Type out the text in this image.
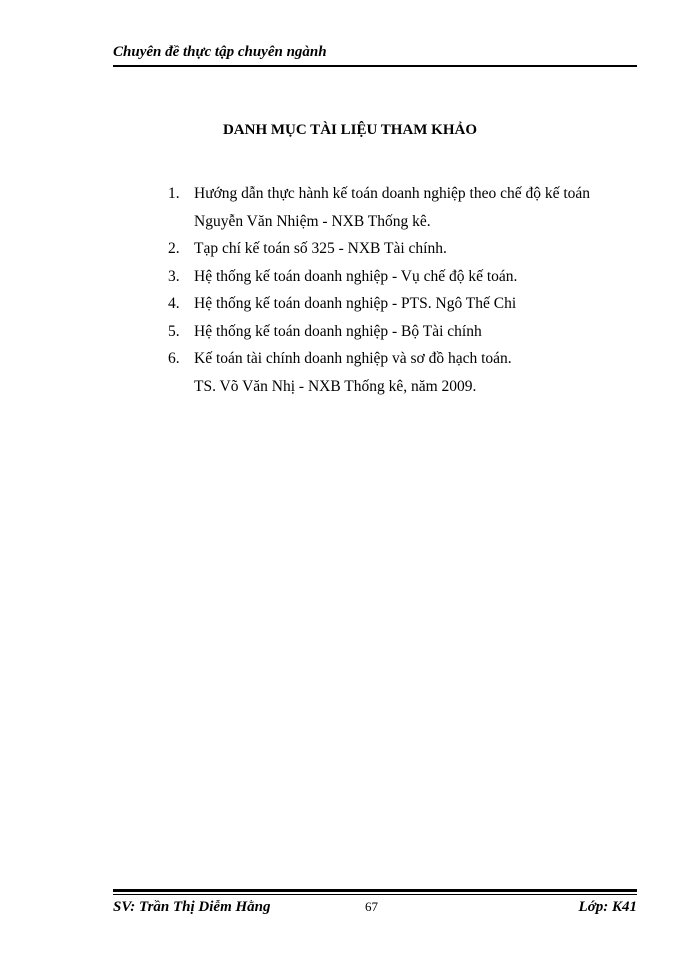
Chuyên đề thực tập chuyên ngành
DANH MỤC TÀI LIỆU THAM KHẢO
1. Hướng dẫn thực hành kế toán doanh nghiệp theo chế độ kế toán
Nguyễn Văn Nhiệm - NXB Thống kê.
2. Tạp chí kế toán số 325 - NXB Tài chính.
3. Hệ thống kế toán doanh nghiệp - Vụ chế độ kế toán.
4. Hệ thống kế toán doanh nghiệp - PTS. Ngô Thế Chi
5. Hệ thống kế toán doanh nghiệp - Bộ Tài chính
6. Kế toán tài chính doanh nghiệp và sơ đồ hạch toán.
TS. Võ Văn Nhị - NXB Thống kê, năm 2009.
SV: Trần Thị Diễm Hằng	67	Lớp: K41
